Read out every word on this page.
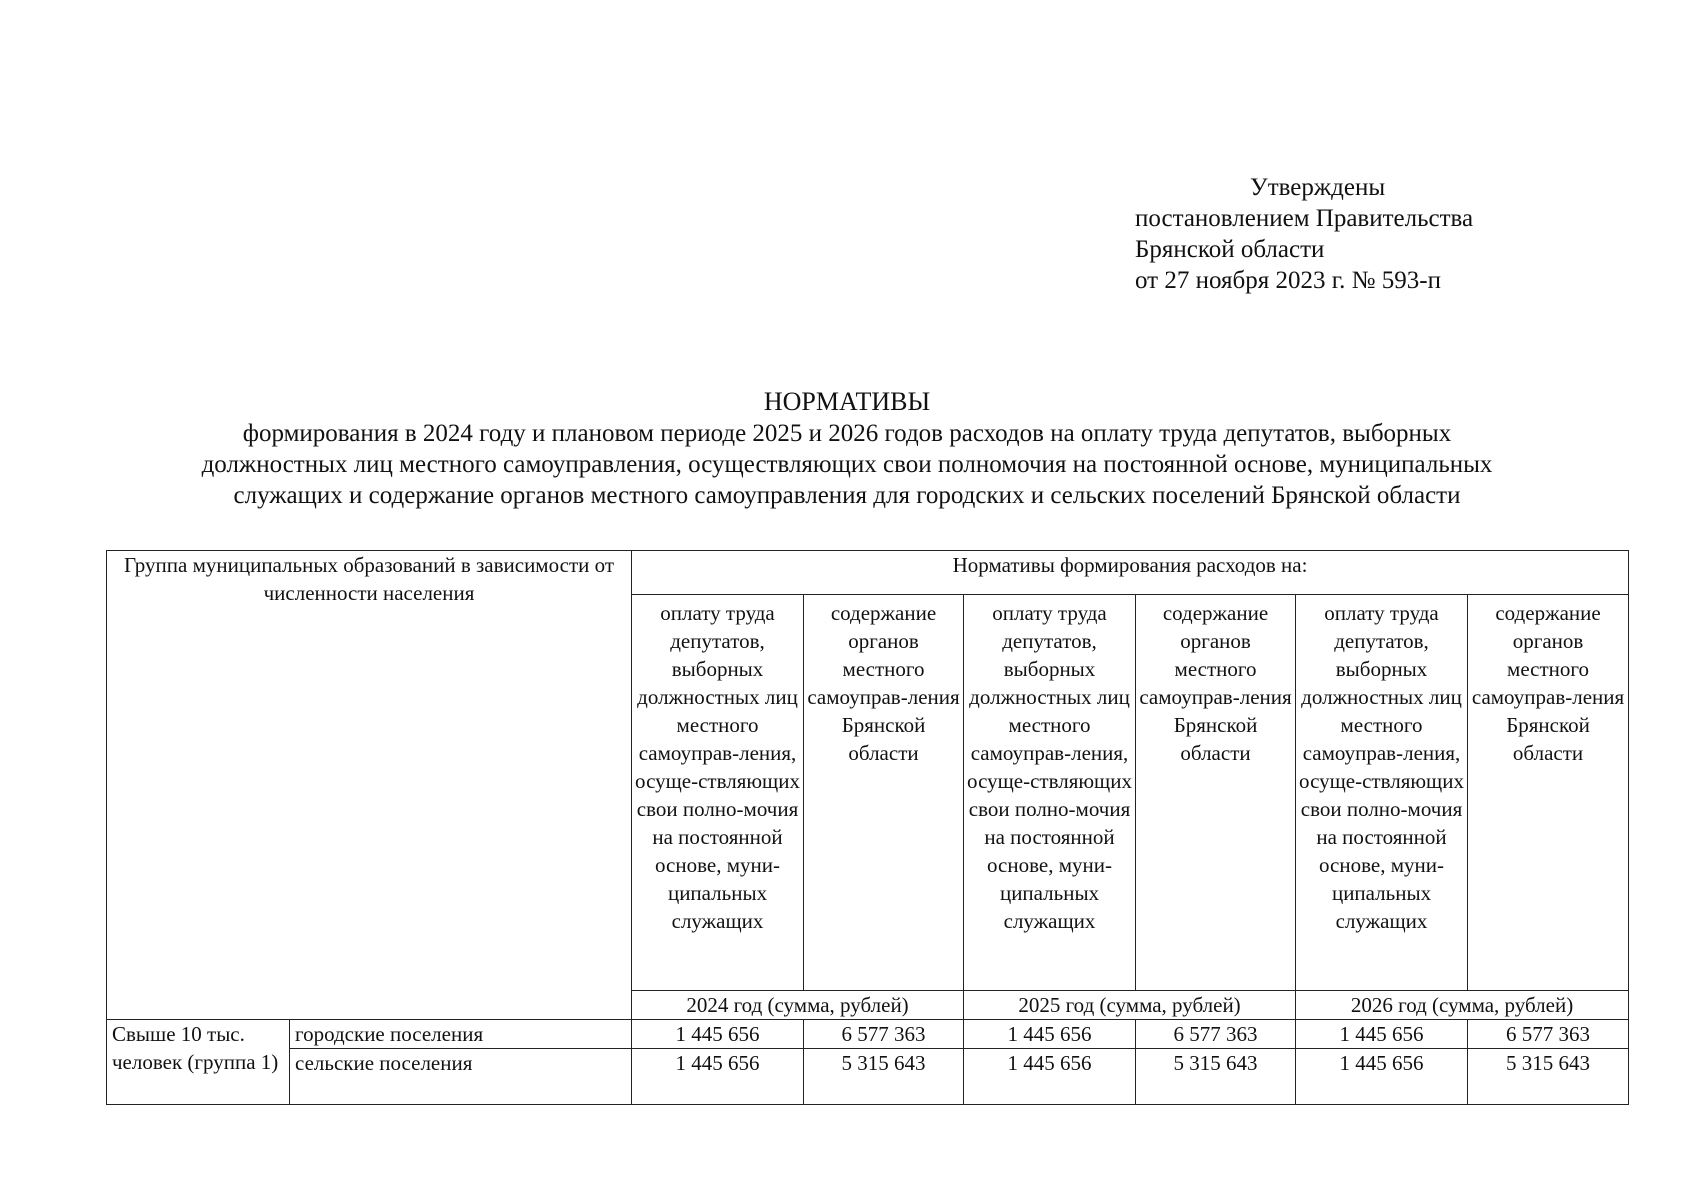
Утверждены
постановлением Правительства
Брянской области
от 27 ноября 2023 г. № 593-п
НОРМАТИВЫ
формирования в 2024 году и плановом периоде 2025 и 2026 годов расходов на оплату труда депутатов, выборных
должностных лиц местного самоуправления, осуществляющих свои полномочия на постоянной основе, муниципальных
служащих и содержание органов местного самоуправления для городских и сельских поселений Брянской области
Группа муниципальных образований в зависимости от численности населения		Нормативы формирования расходов на:					
		оплату труда депутатов, выборных должностных лиц местного самоуправ-ления, осуще-ствляющих свои полно-мочия на постоянной основе, муни-ципальных служащих	содержание органов местного самоуправ-ления Брянской области	оплату труда депутатов, выборных должностных лиц местного самоуправ-ления, осуще-ствляющих свои полно-мочия на постоянной основе, муни-ципальных служащих	содержание органов местного самоуправ-ления Брянской области	оплату труда депутатов, выборных должностных лиц местного самоуправ-ления, осуще-ствляющих свои полно-мочия на постоянной основе, муни-ципальных служащих	содержание органов местного самоуправ-ления Брянской области
		2024 год (сумма, рублей)		2025 год (сумма, рублей)		2026 год (сумма, рублей)	
Свыше 10 тыс. человек (группа 1)	городские поселения	1 445 656	6 577 363	1 445 656	6 577 363	1 445 656	6 577 363
	сельские поселения	1 445 656	5 315 643	1 445 656	5 315 643	1 445 656	5 315 643
